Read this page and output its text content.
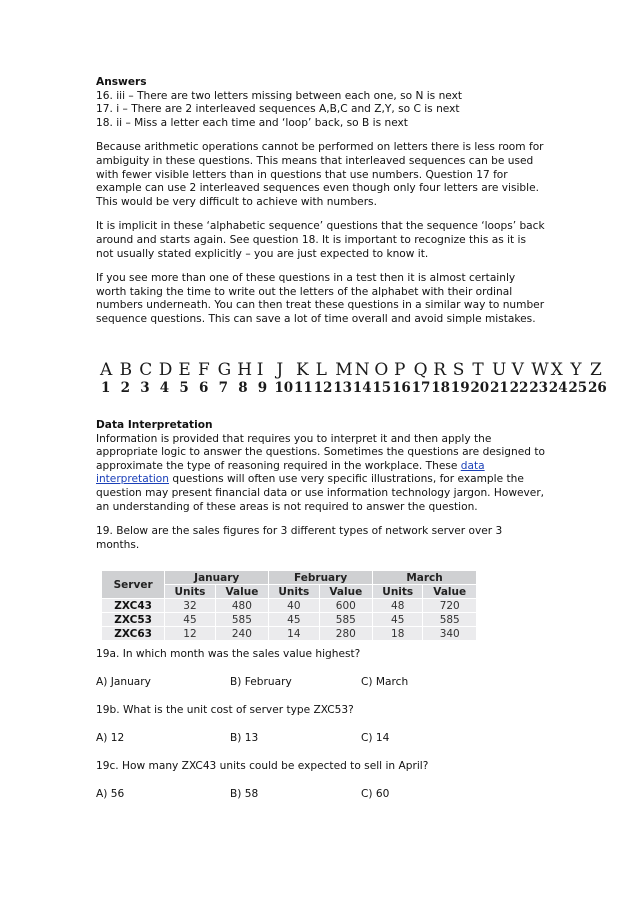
Answers

16. iii – There are two letters missing between each one, so N is next

17. i – There are 2 interleaved sequences A,B,C and Z,Y, so C is next

18. ii – Miss a letter each time and ‘loop’ back, so B is next

Because arithmetic operations cannot be performed on letters there is less room for ambiguity in these questions. This means that interleaved sequences can be used with fewer visible letters than in questions that use numbers. Question 17 for example can use 2 interleaved sequences even though only four letters are visible. This would be very difficult to achieve with numbers.

It is implicit in these ‘alphabetic sequence’ questions that the sequence ‘loops’ back around and starts again. See question 18. It is important to recognize this as it is not usually stated explicitly – you are just expected to know it.

If you see more than one of these questions in a test then it is almost certainly worth taking the time to write out the letters of the alphabet with their ordinal numbers underneath. You can then treat these questions in a similar way to number sequence questions. This can save a lot of time overall and avoid simple mistakes.

A B C D E F G H I J K L M N O P Q R S T U V W X Y Z
1 2 3 4 5 6 7 8 9 10 11 12 13 14 15 16 17 18 19 20 21 22 23 24 25 26

Data Interpretation

Information is provided that requires you to interpret it and then apply the appropriate logic to answer the questions. Sometimes the questions are designed to approximate the type of reasoning required in the workplace. These data interpretation questions will often use very specific illustrations, for example the question may present financial data or use information technology jargon. However, an understanding of these areas is not required to answer the question.

19. Below are the sales figures for 3 different types of network server over 3 months.

Server	January		February		March	
	Units	Value	Units	Value	Units	Value
ZXC43	32	480	40	600	48	720
ZXC53	45	585	45	585	45	585
ZXC63	12	240	14	280	18	340

19a. In which month was the sales value highest?

A) January	B) February	C) March

19b. What is the unit cost of server type ZXC53?

A) 12	B) 13	C) 14

19c. How many ZXC43 units could be expected to sell in April?

A) 56	B) 58	C) 60
